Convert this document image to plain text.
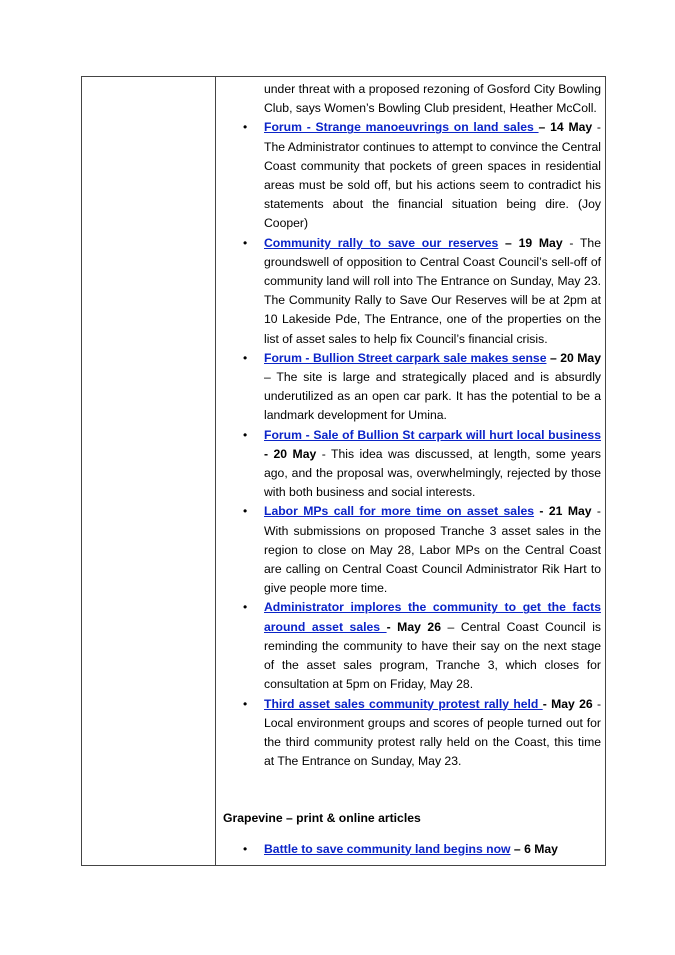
under threat with a proposed rezoning of Gosford City Bowling Club, says Women’s Bowling Club president, Heather McColl.

• Forum - Strange manoeuvrings on land sales – 14 May - The Administrator continues to attempt to convince the Central Coast community that pockets of green spaces in residential areas must be sold off, but his actions seem to contradict his statements about the financial situation being dire. (Joy Cooper)
• Community rally to save our reserves – 19 May - The groundswell of opposition to Central Coast Council’s sell-off of community land will roll into The Entrance on Sunday, May 23. The Community Rally to Save Our Reserves will be at 2pm at 10 Lakeside Pde, The Entrance, one of the properties on the list of asset sales to help fix Council’s financial crisis.
• Forum - Bullion Street carpark sale makes sense – 20 May – The site is large and strategically placed and is absurdly underutilized as an open car park. It has the potential to be a landmark development for Umina.
• Forum - Sale of Bullion St carpark will hurt local business - 20 May - This idea was discussed, at length, some years ago, and the proposal was, overwhelmingly, rejected by those with both business and social interests.
• Labor MPs call for more time on asset sales - 21 May - With submissions on proposed Tranche 3 asset sales in the region to close on May 28, Labor MPs on the Central Coast are calling on Central Coast Council Administrator Rik Hart to give people more time.
• Administrator implores the community to get the facts around asset sales - May 26 – Central Coast Council is reminding the community to have their say on the next stage of the asset sales program, Tranche 3, which closes for consultation at 5pm on Friday, May 28.
• Third asset sales community protest rally held - May 26 - Local environment groups and scores of people turned out for the third community protest rally held on the Coast, this time at The Entrance on Sunday, May 23.
Grapevine – print & online articles
• Battle to save community land begins now – 6 May
